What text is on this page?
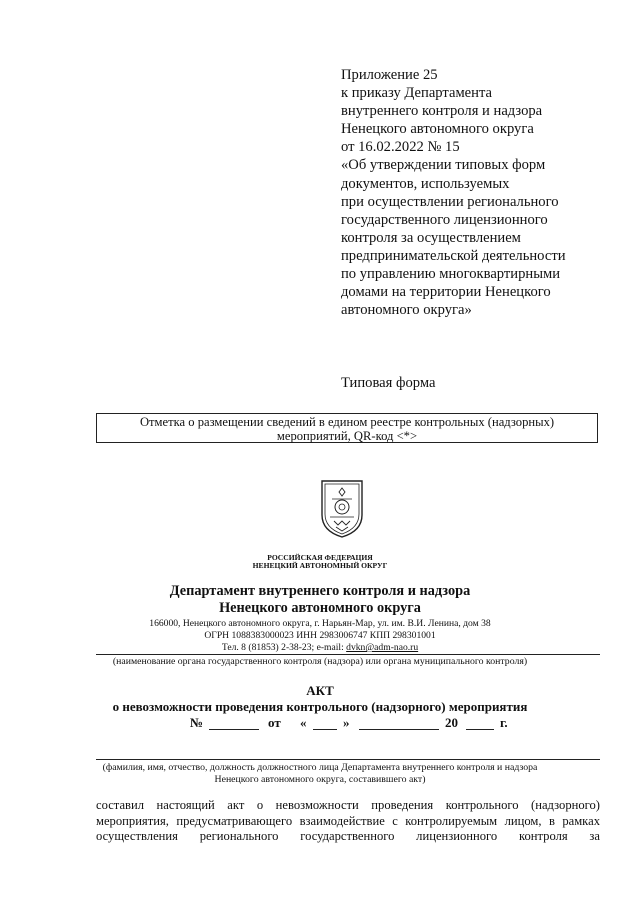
Приложение 25
к приказу Департамента
внутреннего контроля и надзора
Ненецкого автономного округа
от 16.02.2022 № 15
«Об утверждении типовых форм
документов, используемых
при осуществлении регионального
государственного лицензионного
контроля за осуществлением
предпринимательской деятельности
по управлению многоквартирными
домами на территории Ненецкого
автономного округа»
Типовая форма
Отметка о размещении сведений в едином реестре контрольных (надзорных)
мероприятий, QR-код <*>
РОССИЙСКАЯ ФЕДЕРАЦИЯ
НЕНЕЦКИЙ АВТОНОМНЫЙ ОКРУГ
Департамент внутреннего контроля и надзора
Ненецкого автономного округа
166000, Ненецкого автономного округа, г. Нарьян-Мар, ул. им. В.И. Ленина, дом 38
ОГРН 1088383000023 ИНН 2983006747 КПП 298301001
Тел. 8 (81853) 2-38-23; e-mail: dvkn@adm-nao.ru
(наименование органа государственного контроля (надзора) или органа муниципального контроля)
АКТ
о невозможности проведения контрольного (надзорного) мероприятия
№	от «	»	20	г.
(фамилия, имя, отчество, должность должностного лица Департамента внутреннего контроля и надзора
Ненецкого автономного округа, составившего акт)
составил настоящий акт о невозможности проведения контрольного (надзорного)
мероприятия, предусматривающего взаимодействие с контролируемым лицом, в рамках
осуществления регионального государственного лицензионного контроля за
